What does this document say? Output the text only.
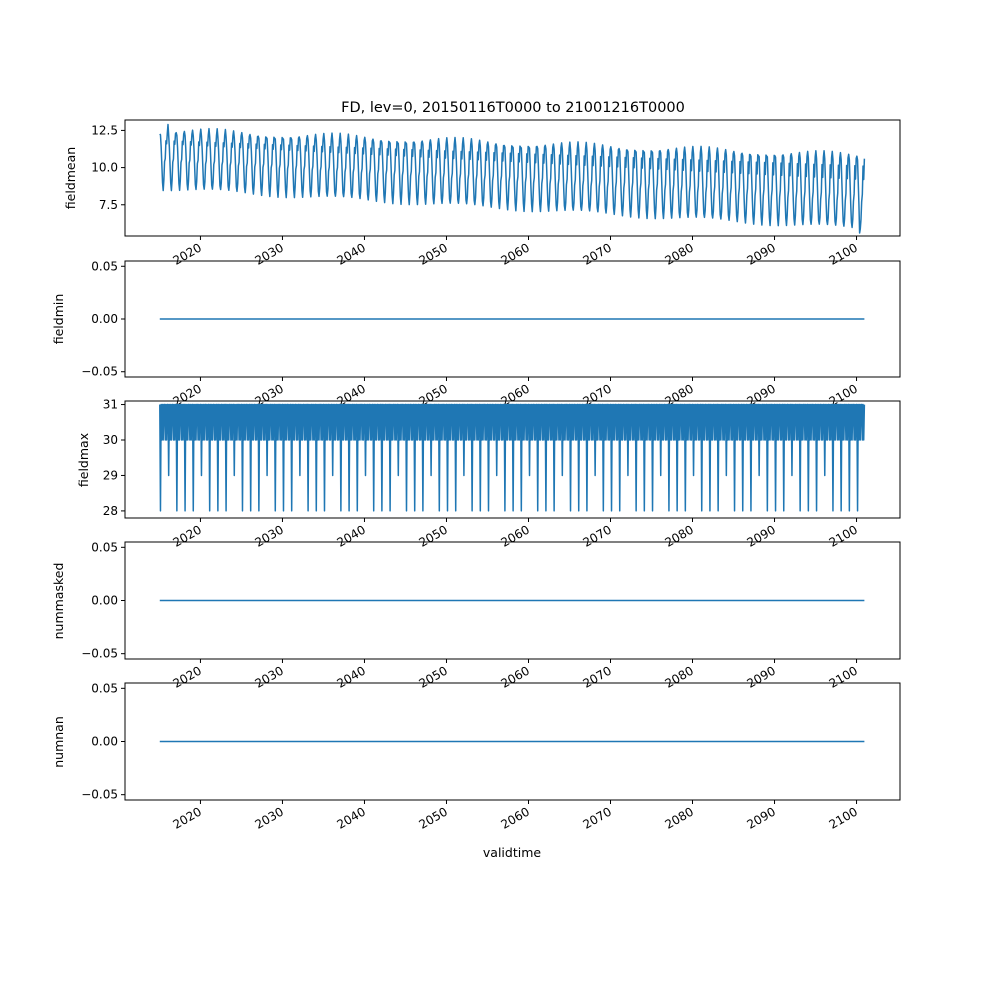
FD, lev=0, 20150116T0000 to 21001216T0000
7.5
10.0
12.5
2020	2030	2040	2050	2060	2070	2080	2090	2100
fieldmean
−0.05
0.00
0.05
2020	2030	2040	2050	2060	2070	2080	2090	2100
fieldmin
28
29
30
31
2020	2030	2040	2050	2060	2070	2080	2090	2100
fieldmax
−0.05
0.00
0.05
2020	2030	2040	2050	2060	2070	2080	2090	2100
nummasked
−0.05
0.00
0.05
2020	2030	2040	2050	2060	2070	2080	2090	2100
numnan
validtime
